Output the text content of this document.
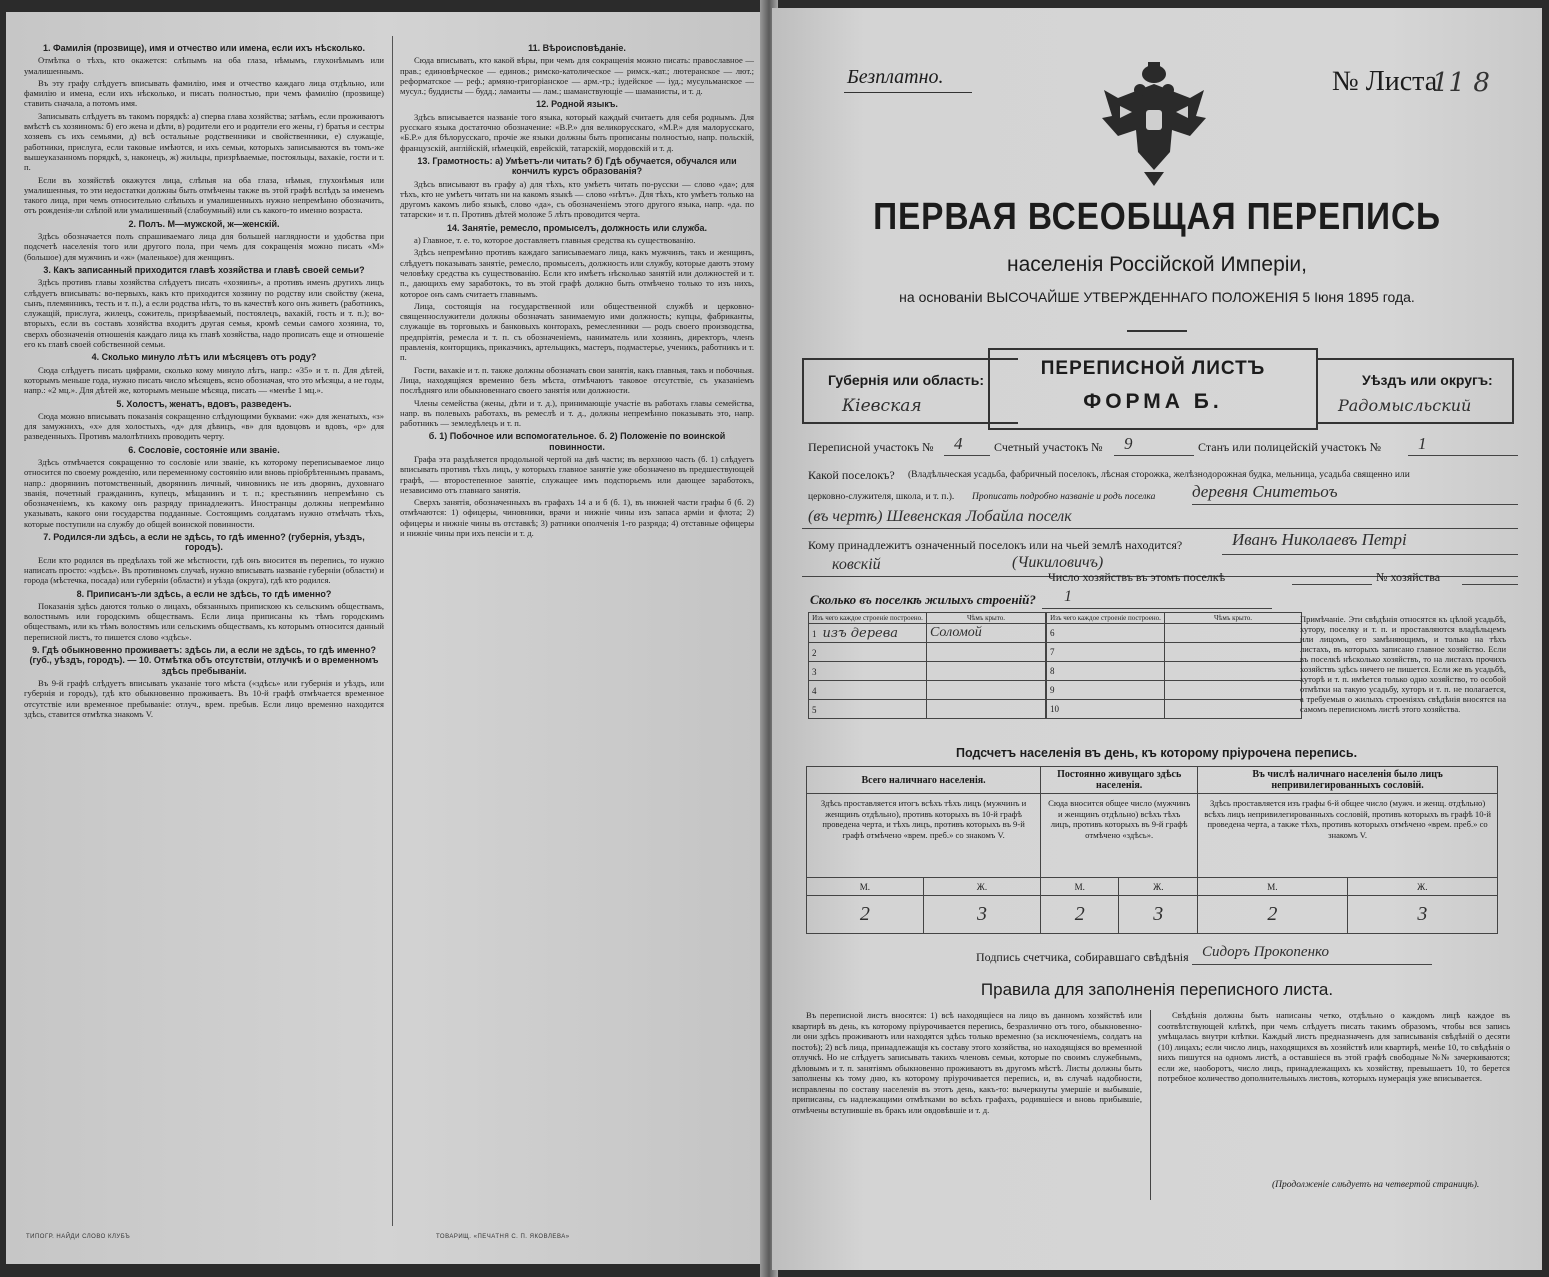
1. Фамилія (прозвище), имя и отчество или имена, если ихъ нѣсколько.

Отмѣтка о тѣхъ, кто окажется: слѣпымъ на оба глаза, нѣмымъ, глухонѣмымъ или умалишеннымъ.

Въ эту графу слѣдуетъ вписывать фамилію, имя и отчество каждаго лица отдѣльно, или фамилію и имена, если ихъ нѣсколько, и писать полностью, при чемъ фамилію (прозвище) ставить сначала, а потомъ имя.

Записывать слѣдуетъ въ такомъ порядкѣ: а) сперва глава хозяйства; затѣмъ, если проживаютъ вмѣстѣ съ хозяиномъ: б) его жена и дѣти, в) родители его и родители его жены, г) братья и сестры хозяевъ съ ихъ семьями, д) всѣ остальные родственники и свойственники, е) служащіе, работники, прислуга, если таковые имѣются, и ихъ семьи, которыхъ записываются въ томъ-же вышеуказанномъ порядкѣ, з, наконецъ, ж) жильцы, призрѣваемые, постояльцы, вахакіе, гости и т. п.

Если въ хозяйствѣ окажутся лица, слѣпыя на оба глаза, нѣмыя, глухонѣмыя или умалишенныя, то эти недостатки должны быть отмѣчены также въ этой графѣ вслѣдъ за именемъ такого лица, при чемъ относительно слѣпыхъ и умалишенныхъ нужно непремѣнно обозначить, отъ рожденія-ли слѣпой или умалишенный (слабоумный) или съ какого-то именно возраста.

2. Полъ. М—мужской, ж—женскій.

Здѣсь обозначается полъ спрашиваемаго лица для большей наглядности и удобства при подсчетѣ населенія того или другого пола, при чемъ для сокращенія можно писать «М» (большое) для мужчинъ и «ж» (маленькое) для женщинъ.

3. Какъ записанный приходится главѣ хозяйства и главѣ своей семьи?

Здѣсь противъ главы хозяйства слѣдуетъ писать «хозяинъ», а противъ именъ другихъ лицъ слѣдуетъ вписывать: во-первыхъ, какъ кто приходится хозяину по родству или свойству (жена, сынъ, племянникъ, тесть и т. п.), а если родства нѣтъ, то въ качествѣ кого онъ живетъ (работникъ, служащій, прислуга, жилецъ, сожитель, призрѣваемый, постоялецъ, вахакій, гость и т. п.); во-вторыхъ, если въ составъ хозяйства входитъ другая семья, кромѣ семьи самого хозяина, то, сверхъ обозначенія отношенія каждаго лица къ главѣ хозяйства, надо прописать еще и отношеніе его къ главѣ своей собственной семьи.

4. Сколько минуло лѣтъ или мѣсяцевъ отъ роду?

Сюда слѣдуетъ писать цифрами, сколько кому минуло лѣтъ, напр.: «35» и т. п. Для дѣтей, которымъ меньше года, нужно писать число мѣсяцевъ, ясно обозначая, что это мѣсяцы, а не годы, напр.: «2 мц.». Для дѣтей же, которымъ меньше мѣсяца, писать — «менѣе 1 мц.».

5. Холостъ, женатъ, вдовъ, разведенъ.

Сюда можно вписывать показанія сокращенно слѣдующими буквами: «ж» для женатыхъ, «з» для замужнихъ, «х» для холостыхъ, «д» для дѣвицъ, «в» для вдовцовъ и вдовъ, «р» для разведенныхъ. Противъ малолѣтнихъ проводить черту.

6. Сословіе, состояніе или званіе.

Здѣсь отмѣчается сокращенно то сословіе или званіе, къ которому переписываемое лицо относится по своему рожденію, или переменному состоянію или вновь пріобрѣтеннымъ правамъ, напр.: дворянинъ потомственный, дворянинъ личный, чиновникъ не изъ дворянъ, духовнаго званія, почетный гражданинъ, купецъ, мѣщанинъ и т. п.; крестьянинъ непремѣнно съ обозначеніемъ, къ какому онъ разряду принадлежитъ. Иностранцы должны непремѣнно указывать, какого они государства подданные. Состоящимъ солдатамъ нужно отмѣчать тѣхъ, которые поступили на службу до общей воинской повинности.

7. Родился-ли здѣсь, а если не здѣсь, то гдѣ именно? (губернія, уѣздъ, городъ).

Если кто родился въ предѣлахъ той же мѣстности, гдѣ онъ вносится въ перепись, то нужно написать просто: «здѣсь». Въ противномъ случаѣ, нужно вписывать названіе губерніи (области) и города (мѣстечка, посада) или губерніи (области) и уѣзда (округа), гдѣ кто родился.

8. Приписанъ-ли здѣсь, а если не здѣсь, то гдѣ именно?

Показанія здѣсь даются только о лицахъ, обязанныхъ припискою къ сельскимъ обществамъ, волостнымъ или городскимъ обществамъ. Если лица приписаны къ тѣмъ городскимъ обществамъ, или къ тѣмъ волостямъ или сельскимъ обществамъ, къ которымъ относится данный переписной листъ, то пишется слово «здѣсь».

9. Гдѣ обыкновенно проживаетъ: здѣсь ли, а если не здѣсь, то гдѣ именно? (губ., уѣздъ, городъ). — 10. Отмѣтка объ отсутствіи, отлучкѣ и о временномъ здѣсь пребываніи.

Въ 9-й графѣ слѣдуетъ вписывать указаніе того мѣста («здѣсь» или губернія и уѣздъ, или губернія и городъ), гдѣ кто обыкновенно проживаетъ. Въ 10-й графѣ отмѣчается временное отсутствіе или временное пребываніе: отлуч., врем. пребыв. Если лицо временно находится здѣсь, ставится отмѣтка знакомъ V.

11. Вѣроисповѣданіе.

Сюда вписывать, кто какой вѣры, при чемъ для сокращенія можно писать: православное — прав.; единовѣрческое — единов.; римско-католическое — римск.-кат.; лютеранское — лют.; реформатское — реф.; армяно-григоріанское — арм.-гр.; іудейское — іуд.; мусульманское — мусул.; буддисты — будд.; ламаиты — лам.; шаманствующіе — шаманисты, и т. д.

12. Родной языкъ.

Здѣсь вписывается названіе того языка, который каждый считаетъ для себя роднымъ. Для русскаго языка достаточно обозначение: «В.Р.» для великорусскаго, «М.Р.» для малорусскаго, «Б.Р.» для бѣлорусскаго, прочіе же языки должны быть прописаны полностью, напр. польскій, французскій, англійскій, нѣмецкій, еврейскій, татарскій, мордовскій и т. д.

13. Грамотность: а) Умѣетъ-ли читать? б) Гдѣ обучается, обучался или кончилъ курсъ образованія?

Здѣсь вписывают въ графу а) для тѣхъ, кто умѣетъ читать по-русски — слово «да»; для тѣхъ, кто не умѣетъ читать ни на какомъ языкѣ — слово «нѣтъ». Для тѣхъ, кто умѣетъ только на другомъ какомъ либо языкѣ, слово «да», съ обозначеніемъ этого другого языка, напр. «да. по татарски» и т. п. Противъ дѣтей моложе 5 лѣтъ проводится черта.

14. Занятіе, ремесло, промыселъ, должность или служба.

а) Главное, т. е. то, которое доставляетъ главныя средства къ существованію.

Здѣсь непремѣнно противъ каждаго записываемаго лица, какъ мужчинъ, такъ и женщинъ, слѣдуетъ показывать занятіе, ремесло, промыселъ, должность или службу, которые даютъ этому человѣку средства къ существованію. Если кто имѣетъ нѣсколько занятій или должностей и т. п., дающихъ ему заработокъ, то въ этой графѣ должно быть отмѣчено только то изъ нихъ, которое онъ самъ считаетъ главнымъ.

Лица, состоящія на государственной или общественной службѣ и церковно-священнослужители должны обозначать занимаемую ими должность; купцы, фабриканты, служащіе въ торговыхъ и банковыхъ конторахъ, ремесленники — родъ своего производства, предпріятія, ремесла и т. п. съ обозначеніемъ, наниматель или хозяинъ, директоръ, членъ правленія, конторщикъ, приказчикъ, артельщикъ, мастеръ, подмастерье, ученикъ, работникъ и т. п.

Гости, вахакіе и т. п. также должны обозначать свои занятія, какъ главныя, такъ и побочныя. Лица, находящіяся временно безъ мѣста, отмѣчаютъ таковое отсутствіе, съ указаніемъ послѣдняго или обыкновеннаго своего занятія или должности.

Члены семейства (жены, дѣти и т. д.), принимающіе участіе въ работахъ главы семейства, напр. въ полевыхъ работахъ, въ ремеслѣ и т. д., должны непремѣнно показывать это, напр. работникъ — земледѣлецъ и т. п.

б. 1) Побочное или вспомогательное. б. 2) Положеніе по воинской повинности.

Графа эта раздѣляется продольной чертой на двѣ части; въ верхнюю часть (б. 1) слѣдуетъ вписывать противъ тѣхъ лицъ, у которыхъ главное занятіе уже обозначено въ предшествующей графѣ, — второстепенное занятіе, служащее имъ подспорьемъ или дающее заработокъ, независимо отъ главнаго занятія.

Сверхъ занятія, обозначенныхъ въ графахъ 14 а и б (б. 1), въ нижней части графы б (б. 2) отмѣчаются: 1) офицеры, чиновники, врачи и нижніе чины изъ запаса арміи и флота; 2) офицеры и нижніе чины въ отставкѣ; 3) ратники ополченія 1-го разряда; 4) отставные офицеры и нижніе чины при ихъ пенсіи и т. д.

ТИПОГР. НАЙДИ СЛОВО КЛУБЪ	ТОВАРИЩ. «ПЕЧАТНЯ С. П. ЯКОВЛЕВА»
Безплатно.	№ Листа
11 8
ПЕРВАЯ ВСЕОБЩАЯ ПЕРЕПИСЬ
населенія Россійской Имперіи,
на основаніи ВЫСОЧАЙШЕ УТВЕРЖДЕННАГО ПОЛОЖЕНІЯ 5 Іюня 1895 года.
Губернія или область:
Кіевская
ПЕРЕПИСНОЙ ЛИСТЪ
ФОРМА Б.
Уѣздъ или округъ:
Радомысльский
Переписной участокъ № 4	Счетный участокъ № 9	Станъ или полицейскій участокъ № 1
Какой поселокъ? (Владѣльческая усадьба, фабричный поселокъ, лѣсная сторожка, желѣзнодорожная будка, мельница, усадьба священно или
церковно-служителя, школа, и т. п.). Прописать подробно названіе и родъ поселка деревня Снитетьоъ
(въ чертѣ) Шевенская Лобайла поселк
Кому принадлежитъ означенный поселокъ или на чьей землѣ находится?	Иванъ Николаевъ Петрі
ковскій	(Чикиловичъ)
Число хозяйствъ въ этомъ поселкѣ	№ хозяйства
Сколько въ поселкѣ жилыхъ строеній? 1
Изъ чего каждое строеніе построено.	Чѣмъ крыто.
1 изъ дерева	Соломой
2	
3	
4	
5	
Изъ чего каждое строеніе построено.	Чѣмъ крыто.
6	
7	
8	
9	
10	
Примѣчаніе. Эти свѣдѣнія относятся къ цѣлой усадьбѣ, хутору, поселку и т. п. и проставляются владѣльцемъ или лицомъ, его замѣняющимъ, и только на тѣхъ листахъ, въ которыхъ записано главное хозяйство. Если въ поселкѣ нѣсколько хозяйствъ, то на листахъ прочихъ хозяйствъ здѣсь ничего не пишется. Если же въ усадьбѣ, хуторѣ и т. п. имѣется только одно хозяйство, то особой отмѣтки на такую усадьбу, хуторъ и т. п. не полагается, а требуемыя о жилыхъ строеніяхъ свѣдѣнія вносятся на самомъ переписномъ листѣ этого хозяйства.
Подсчетъ населенія въ день, къ которому пріурочена перепись.
Всего наличнаго населенія.		Постоянно живущаго здѣсь населенія.		Въ числѣ наличнаго населенія было лицъ непривилегированныхъ сословій.	
Здѣсь проставляется итогъ всѣхъ тѣхъ лицъ (мужчинъ и женщинъ отдѣльно), противъ которыхъ въ 10-й графѣ проведена черта, и тѣхъ лицъ, противъ которыхъ въ 9-й графѣ отмѣчено «врем. преб.» со знакомъ V.		Сюда вносится общее число (мужчинъ и женщинъ отдѣльно) всѣхъ тѣхъ лицъ, противъ которыхъ въ 9-й графѣ отмѣчено «здѣсь».		Здѣсь проставляется изъ графы 6-й общее число (мужч. и женщ. отдѣльно) всѣхъ лицъ непривилегированныхъ сословій, противъ которыхъ въ графѣ 10-й проведена черта, а также тѣхъ, противъ которыхъ отмѣчено «врем. преб.» со знакомъ V.	
М.	Ж.	М.	Ж.	М.	Ж.
2	3	2	3	2	3
Подпись счетчика, собиравшаго свѣдѣнія Сидоръ Прокопенко
Правила для заполненія переписного листа.

Въ переписной листъ вносятся: 1) всѣ находящіеся на лицо въ данномъ хозяйствѣ или квартирѣ въ день, къ которому пріурочивается перепись, безразлично отъ того, обыкновенно-ли они здѣсь проживаютъ или находятся здѣсь только временно (за исключеніемъ, солдатъ на постоѣ); 2) всѣ лица, принадлежащія къ составу этого хозяйства, но находящіяся во временной отлучкѣ. Но не слѣдуетъ записывать такихъ членовъ семьи, которые по своимъ служебнымъ, дѣловымъ и т. п. занятіямъ обыкновенно проживаютъ въ другомъ мѣстѣ. Листы должны быть заполнены къ тому дню, къ которому пріурочивается перепись, и, въ случаѣ надобности, исправлены по составу населенія въ этотъ день, какъ-то: вычеркнуты умершіе и выбывшіе, приписаны, съ надлежащими отмѣтками во всѣхъ графахъ, родившіеся и вновь прибывшіе, отмѣчены вступившіе въ бракъ или овдовѣвшіе и т. д.

Свѣдѣнія должны быть написаны четко, отдѣльно о каждомъ лицѣ каждое въ соотвѣтствующей клѣткѣ, при чемъ слѣдуетъ писать такимъ образомъ, чтобы вся запись умѣщалась внутри клѣтки. Каждый листъ предназначенъ для записыванія свѣдѣній о десяти (10) лицахъ; если число лицъ, находящихся въ хозяйствѣ или квартирѣ, менѣе 10, то свѣдѣнія о нихъ пишутся на одномъ листѣ, а оставшіеся въ этой графѣ свободные №№ зачеркиваются; если же, наоборотъ, число лицъ, принадлежащихъ къ хозяйству, превышаетъ 10, то берется потребное количество дополнительныхъ листовъ, которыхъ нумерація уже вписывается.

(Продолженіе слѣдуетъ на четвертой страницѣ).
